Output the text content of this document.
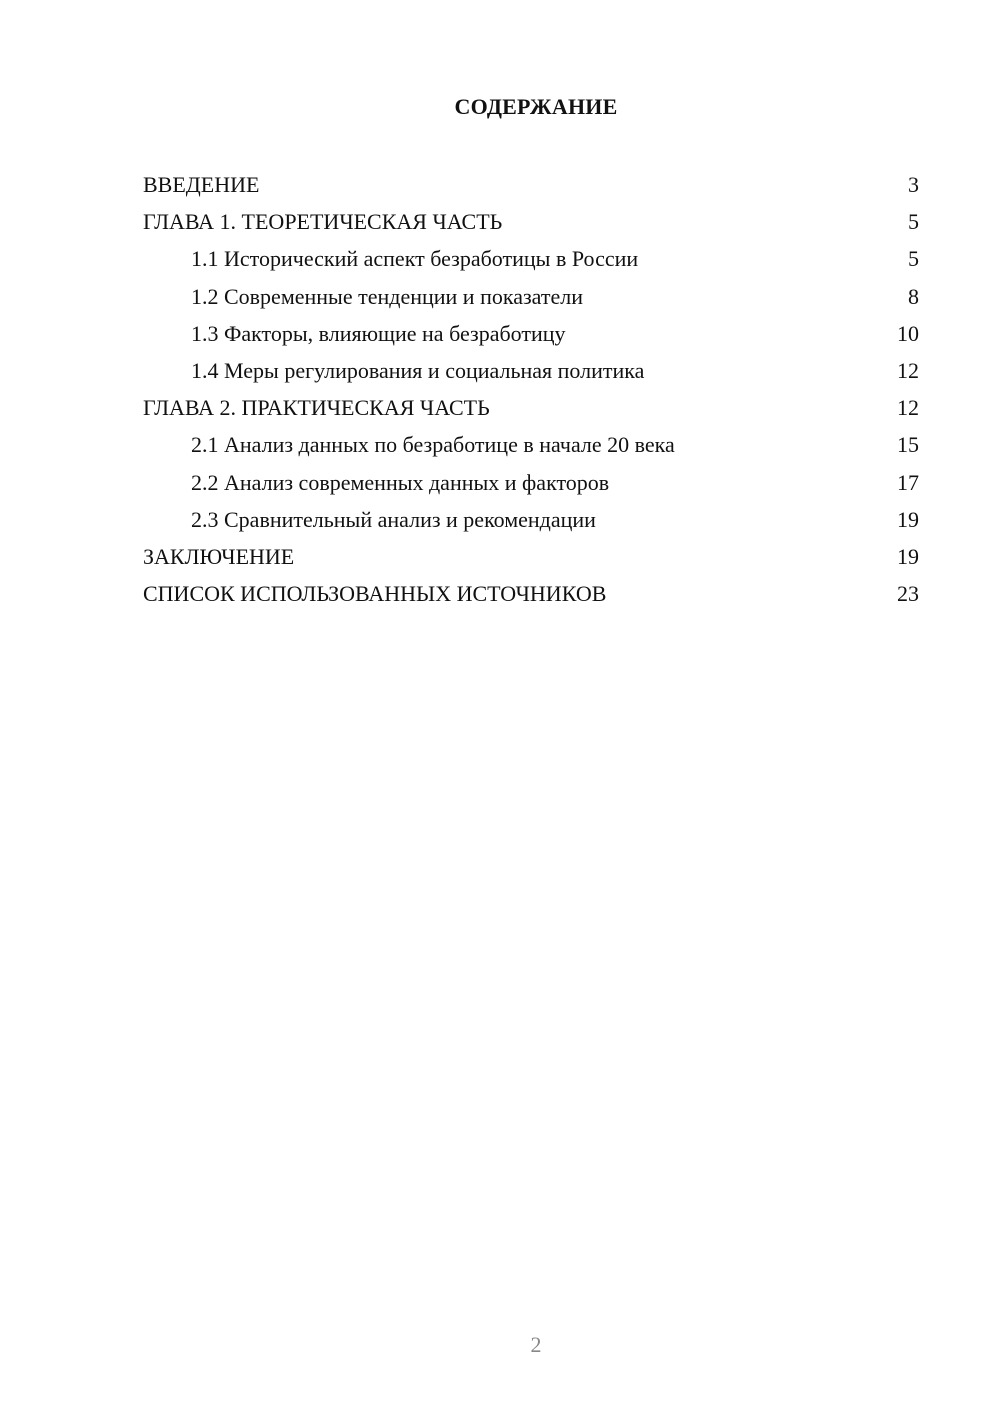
СОДЕРЖАНИЕ
ВВЕДЕНИЕ	3
ГЛАВА 1. ТЕОРЕТИЧЕСКАЯ ЧАСТЬ	5
1.1 Исторический аспект безработицы в России	5
1.2 Современные тенденции и показатели	8
1.3 Факторы, влияющие на безработицу	10
1.4 Меры регулирования и социальная политика	12
ГЛАВА 2. ПРАКТИЧЕСКАЯ ЧАСТЬ	12
2.1 Анализ данных по безработице в начале 20 века	15
2.2 Анализ современных данных и факторов	17
2.3 Сравнительный анализ и рекомендации	19
ЗАКЛЮЧЕНИЕ	19
СПИСОК ИСПОЛЬЗОВАННЫХ ИСТОЧНИКОВ	23
2
